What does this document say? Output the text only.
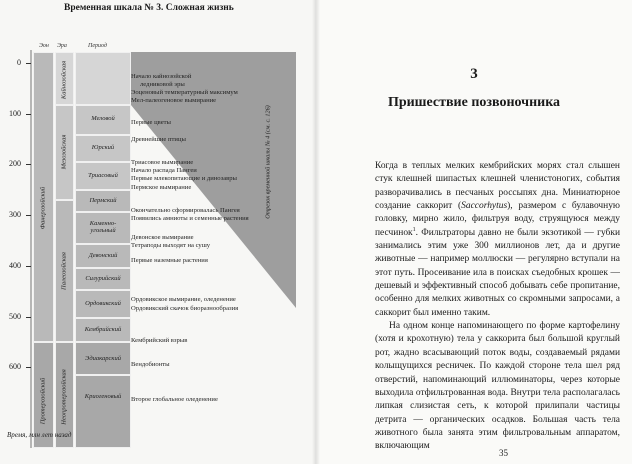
Временная шкала № 3. Сложная жизнь
Эон Эра	Период
0
100
200
300
400
500
600
Фанерозойский
Протерозойский
Кайнозойская
Мезозойская
Палеозойская
Неопротерозойская
Меловой
Юрский
Триасовый
Пермский
Каменно-угольный
Девонский
Силурийский
Ордовикский
Кембрийский
Эдиакарский
Криогеновый
Начало кайнозойской
ледниковой эры
Эоценовый температурный максимум
Мел-палеогеновое вымирание
Первые цветы
Древнейшие птицы
Триасовое вымирание
Начало распада Пангеи
Первые млекопитающие и динозавры
Пермское вымирание
Окончательно сформировалась Пангея
Появились амниоты и семенные растения
Девонское вымирание
Тетраподы выходят на сушу
Первые наземные растения
Ордовикское вымирание, оледенение
Ордовикский скачок биоразнообразия
Кембрийский взрыв
Вендобионты
Второе глобальное оледенение
Отрезок временной шкалы № 4 (см. с. 126)
Время, млн лет назад
3
Пришествие позвоночника

Когда в теплых мелких кембрийских морях стал слышен стук клешней шипастых клешней членистоногих, события разворачивались в песчаных россыпях дна. Миниатюрное создание саккорит (Saccorhytus), размером с булавочную головку, мирно жило, фильтруя воду, струящуюся между песчинок$^1$. Фильтраторы давно не были экзотикой — губки занимались этим уже 300 миллионов лет, да и другие животные — например моллюски — регулярно вступали на этот путь. Просеивание ила в поисках съедобных крошек — дешевый и эффективный способ добывать себе пропитание, особенно для мелких животных со скромными запросами, а саккорит был именно таким.

На одном конце напоминающего по форме картофелину (хотя и крохотную) тела у саккорита был большой круглый рот, жадно всасывающий поток воды, создаваемый рядами колыщущихся ресничек. По каждой стороне тела шел ряд отверстий, напоминающий иллюминаторы, через которые выходила отфильтрованная вода. Внутри тела располагалась липкая слизистая сеть, к которой прилипали частицы детрита — органических осадков. Большая часть тела животного была занята этим фильтровальным аппаратом, включающим

35
